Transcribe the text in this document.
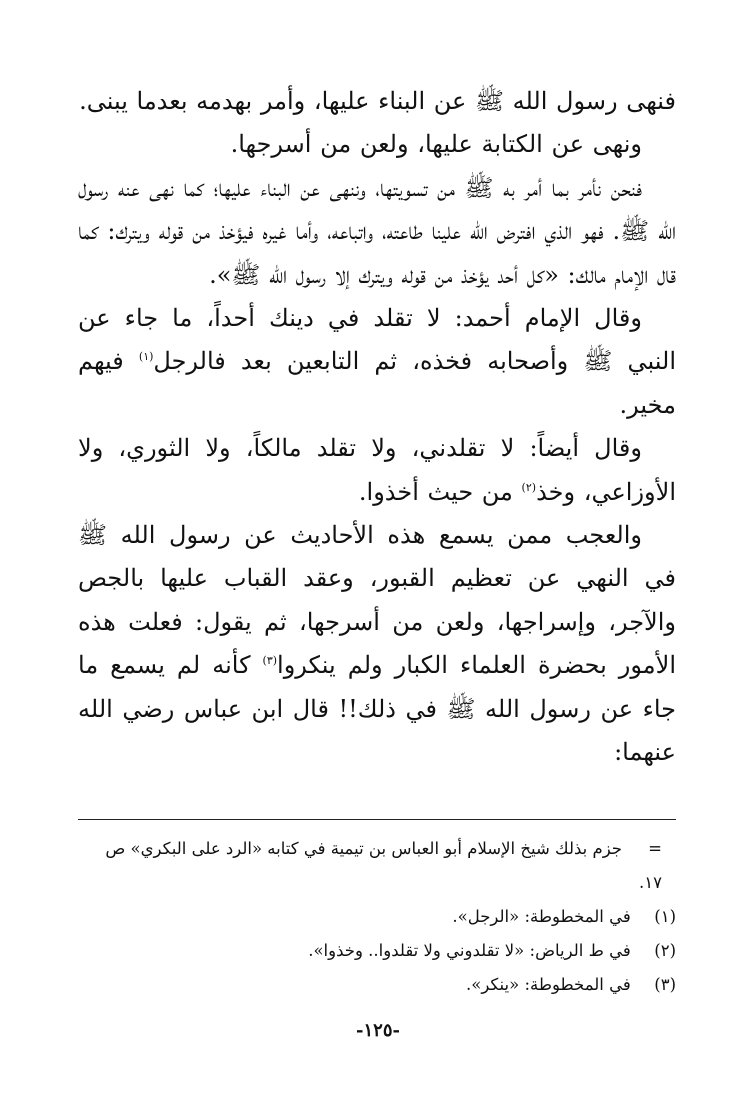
فنهى رسول الله ﷺ عن البناء عليها، وأمر بهدمه بعدما يبنى.

ونهى عن الكتابة عليها، ولعن من أسرجها.

فنحن نأمر بما أمر به ﷺ من تسويتها، وننهى عن البناء عليها؛ كما نهى عنه رسول الله ﷺ. فهو الذي افترض الله علينا طاعته، واتباعه، وأما غيره فيؤخذ من قوله ويترك: كما قال الإمام مالك: «كل أحد يؤخذ من قوله ويترك إلا رسول الله ﷺ».

وقال الإمام أحمد: لا تقلد في دينك أحداً، ما جاء عن النبي ﷺ وأصحابه فخذه، ثم التابعين بعد فالرجل$^{(١)}$ فيهم مخير.

وقال أيضاً: لا تقلدني، ولا تقلد مالكاً، ولا الثوري، ولا الأوزاعي، وخذ$^{(٢)}$ من حيث أخذوا.

والعجب ممن يسمع هذه الأحاديث عن رسول الله ﷺ في النهي عن تعظيم القبور، وعقد القباب عليها بالجص والآجر، وإسراجها، ولعن من أسرجها، ثم يقول: فعلت هذه الأمور بحضرة العلماء الكبار ولم ينكروا$^{(٣)}$ كأنه لم يسمع ما جاء عن رسول الله ﷺ في ذلك!! قال ابن عباس رضي الله عنهما:

=جزم بذلك شيخ الإسلام أبو العباس بن تيمية في كتابه «الرد على البكري» ص ١٧.

(١) في المخطوطة: «الرجل».

(٢) في ط الرياض: «لا تقلدوني ولا تقلدوا.. وخذوا».

(٣) في المخطوطة: «ينكر».

-١٢٥-
